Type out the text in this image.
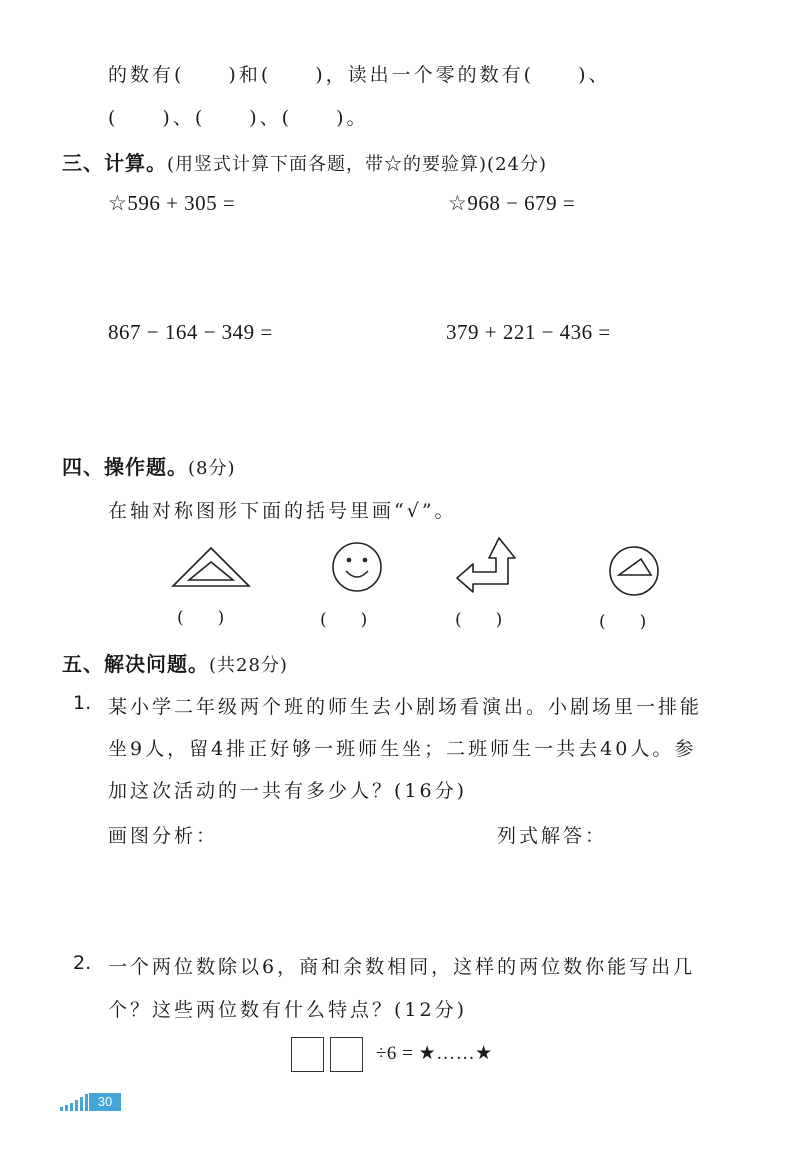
的数有(　　)和(　　)，读出一个零的数有(　　)、
(　　)、(　　)、(　　)。
三、计算。(用竖式计算下面各题，带☆的要验算)(24分)
☆596 + 305 =	☆968 − 679 =
867 − 164 − 349 =	379 + 221 − 436 =
四、操作题。(8分)
在轴对称图形下面的括号里画“√”。
(　　)	(　　)	(　　)	(　　)
五、解决问题。(共28分)
1. 某小学二年级两个班的师生去小剧场看演出。小剧场里一排能
坐9人，留4排正好够一班师生坐；二班师生一共去40人。参
加这次活动的一共有多少人？(16分)
画图分析：	列式解答：
2. 一个两位数除以6，商和余数相同，这样的两位数你能写出几
个？这些两位数有什么特点？(12分)
÷6 = ★……★
30
